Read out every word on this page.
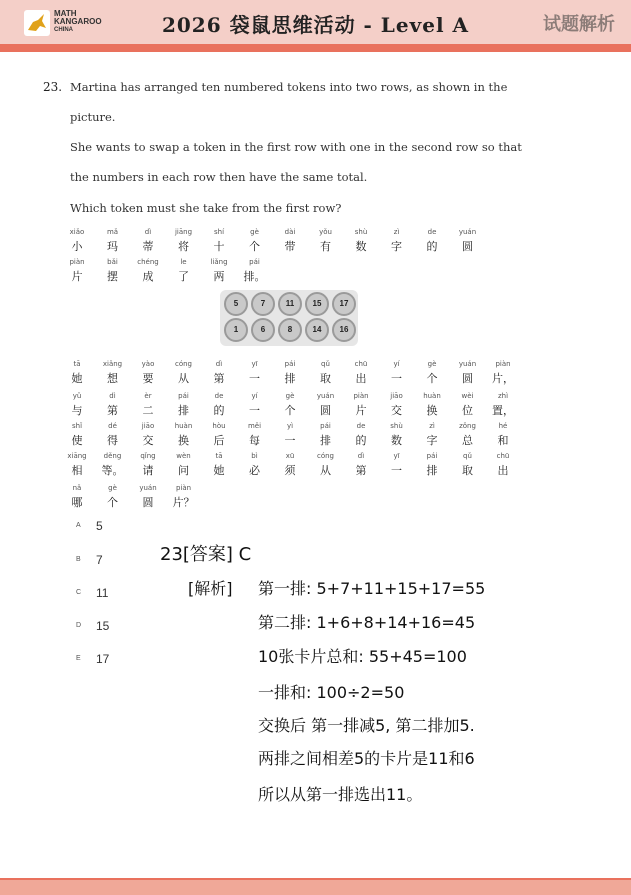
MATH
KANGAROO
CHINA	2026 袋鼠思维活动 - Level A	试题解析
23. Martina has arranged ten numbered tokens into two rows, as shown in the
picture.
She wants to swap a token in the first row with one in the second row so that
the numbers in each row then have the same total.
Which token must she take from the first row?
xiǎo
小
mǎ
玛
dì
蒂
jiāng
将
shí
十
gè
个
dài
带
yǒu
有
shù
数
zì
字
de
的
yuán
圆
piàn
片
bǎi
摆
chéng
成
le
了
liǎng
两
pái
排。
tā
她
xiǎng
想
yào
要
cóng
从
dì
第
yī
一
pái
排
qǔ
取
chū
出
yí
一
gè
个
yuán
圆
piàn
片，
yǔ
与
dì
第
èr
二
pái
排
de
的
yí
一
gè
个
yuán
圆
piàn
片
jiāo
交
huàn
换
wèi
位
zhì
置，
shǐ
使
dé
得
jiāo
交
huàn
换
hòu
后
měi
每
yì
一
pái
排
de
的
shù
数
zì
字
zǒng
总
hé
和
xiāng
相
děng
等。
qǐng
请
wèn
问
tā
她
bì
必
xū
须
cóng
从
dì
第
yī
一
pái
排
qǔ
取
chū
出
nǎ
哪
gè
个
yuán
圆
piàn
片？
5	7	11	15	17
1	6	8	14	16
A 5
B 7
C 11
D 15
E 17
23[答案] C
[解析] 第一排: 5+7+11+15+17=55
第二排: 1+6+8+14+16=45
10张卡片总和: 55+45=100
一排和: 100÷2=50
交换后 第一排减5, 第二排加5.
两排之间相差5的卡片是11和6
所以从第一排选出11。
